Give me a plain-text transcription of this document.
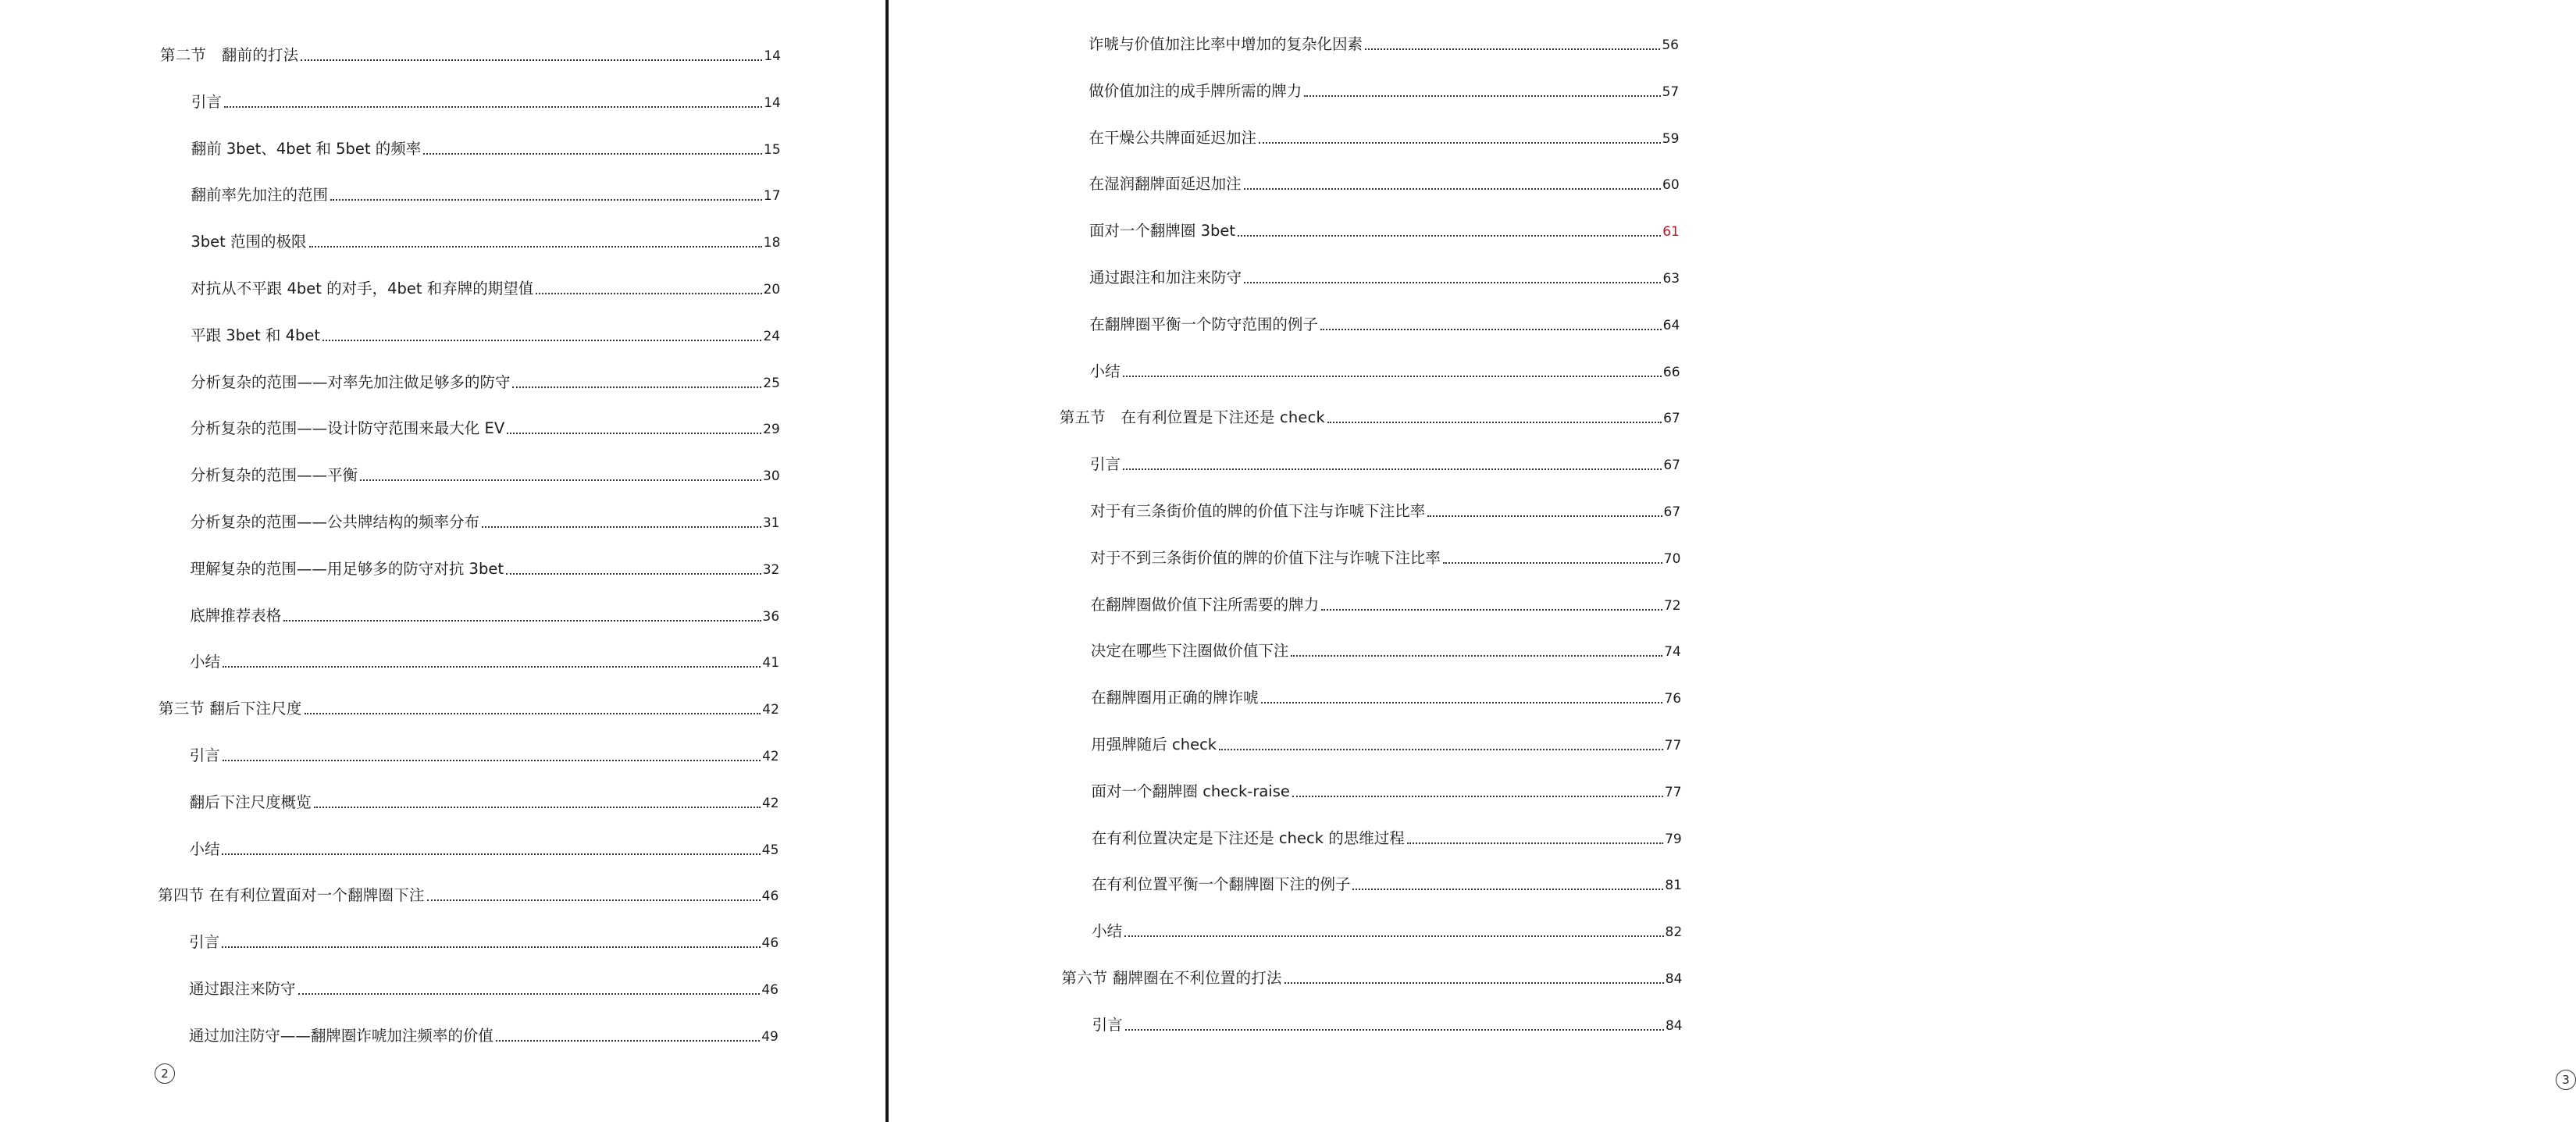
第二节　翻前的打法	14
引言	14
翻前 3bet、4bet 和 5bet 的频率	15
翻前率先加注的范围	17
3bet 范围的极限	18
对抗从不平跟 4bet 的对手，4bet 和弃牌的期望值	20
平跟 3bet 和 4bet	24
分析复杂的范围——对率先加注做足够多的防守	25
分析复杂的范围——设计防守范围来最大化 EV	29
分析复杂的范围——平衡	30
分析复杂的范围——公共牌结构的频率分布	31
理解复杂的范围——用足够多的防守对抗 3bet	32
底牌推荐表格	36
小结	41
第三节 翻后下注尺度	42
引言	42
翻后下注尺度概览	42
小结	45
第四节 在有利位置面对一个翻牌圈下注	46
引言	46
通过跟注来防守	46
通过加注防守——翻牌圈诈唬加注频率的价值	49
2
诈唬与价值加注比率中增加的复杂化因素	56
做价值加注的成手牌所需的牌力	57
在干燥公共牌面延迟加注	59
在湿润翻牌面延迟加注	60
面对一个翻牌圈 3bet	61
通过跟注和加注来防守	63
在翻牌圈平衡一个防守范围的例子	64
小结	66
第五节　在有利位置是下注还是 check	67
引言	67
对于有三条街价值的牌的价值下注与诈唬下注比率	67
对于不到三条街价值的牌的价值下注与诈唬下注比率	70
在翻牌圈做价值下注所需要的牌力	72
决定在哪些下注圈做价值下注	74
在翻牌圈用正确的牌诈唬	76
用强牌随后 check	77
面对一个翻牌圈 check-raise	77
在有利位置决定是下注还是 check 的思维过程	79
在有利位置平衡一个翻牌圈下注的例子	81
小结	82
第六节 翻牌圈在不利位置的打法	84
引言	84
3
